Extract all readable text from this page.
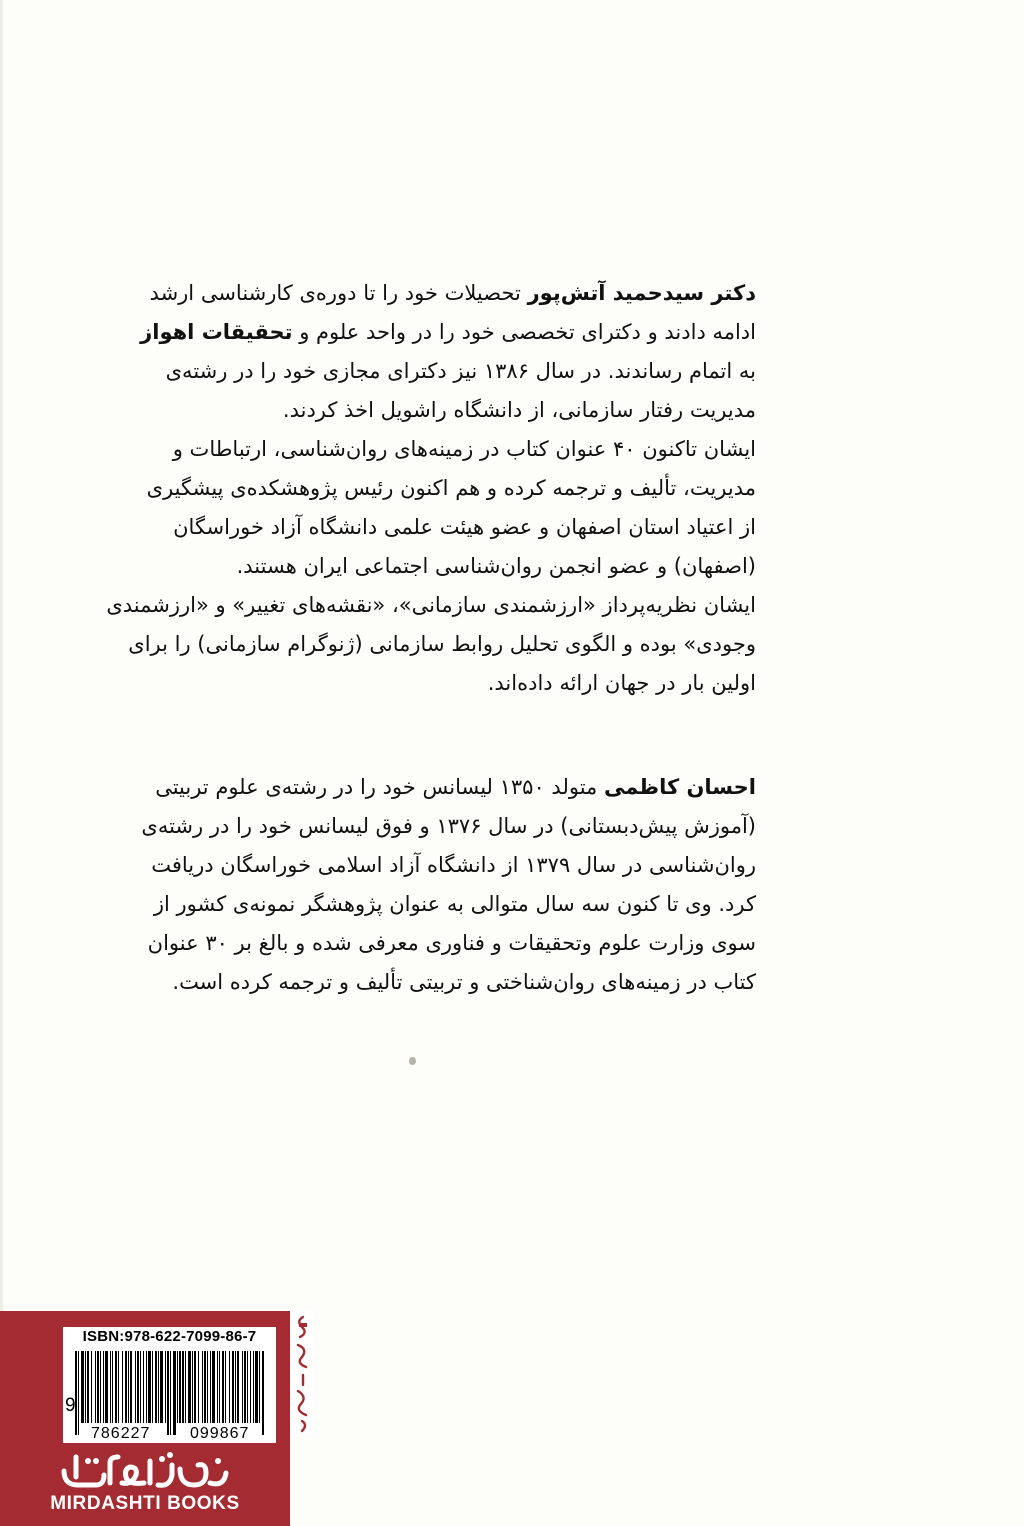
دکتر سیدحمید آتش‌پور تحصیلات خود را تا دوره‌ی کارشناسی ارشد

ادامه دادند و دکترای تخصصی خود را در واحد علوم و تحقیقات اهواز

به اتمام رساندند. در سال ۱۳۸۶ نیز دکترای مجازی خود را در رشته‌ی

مدیریت رفتار سازمانی، از دانشگاه راشویل اخذ کردند.

ایشان تاکنون ۴۰ عنوان کتاب در زمینه‌های روان‌شناسی، ارتباطات و

مدیریت، تألیف و ترجمه کرده و هم اکنون رئیس پژوهشکده‌ی پیشگیری

از اعتیاد استان اصفهان و عضو هیئت علمی دانشگاه آزاد خوراسگان

(اصفهان) و عضو انجمن روان‌شناسی اجتماعی ایران هستند.

ایشان نظریه‌پرداز «ارزشمندی سازمانی»، «نقشه‌های تغییر» و «ارزشمندی

وجودی» بوده و الگوی تحلیل روابط سازمانی (ژنوگرام سازمانی) را برای

اولین بار در جهان ارائه داده‌اند.

احسان کاظمی متولد ۱۳۵۰ لیسانس خود را در رشته‌ی علوم تربیتی

(آموزش پیش‌دبستانی) در سال ۱۳۷۶ و فوق لیسانس خود را در رشته‌ی

روان‌شناسی در سال ۱۳۷۹ از دانشگاه آزاد اسلامی خوراسگان دریافت

کرد. وی تا کنون سه سال متوالی به عنوان پژوهشگر نمونه‌ی کشور از

سوی وزارت علوم وتحقیقات و فناوری معرفی شده و بالغ بر ۳۰ عنوان

کتاب در زمینه‌های روان‌شناختی و تربیتی تألیف و ترجمه کرده است.

ISBN:978-622-7099-86-7
9
786227 099867
MIRDASHTI BOOKS
